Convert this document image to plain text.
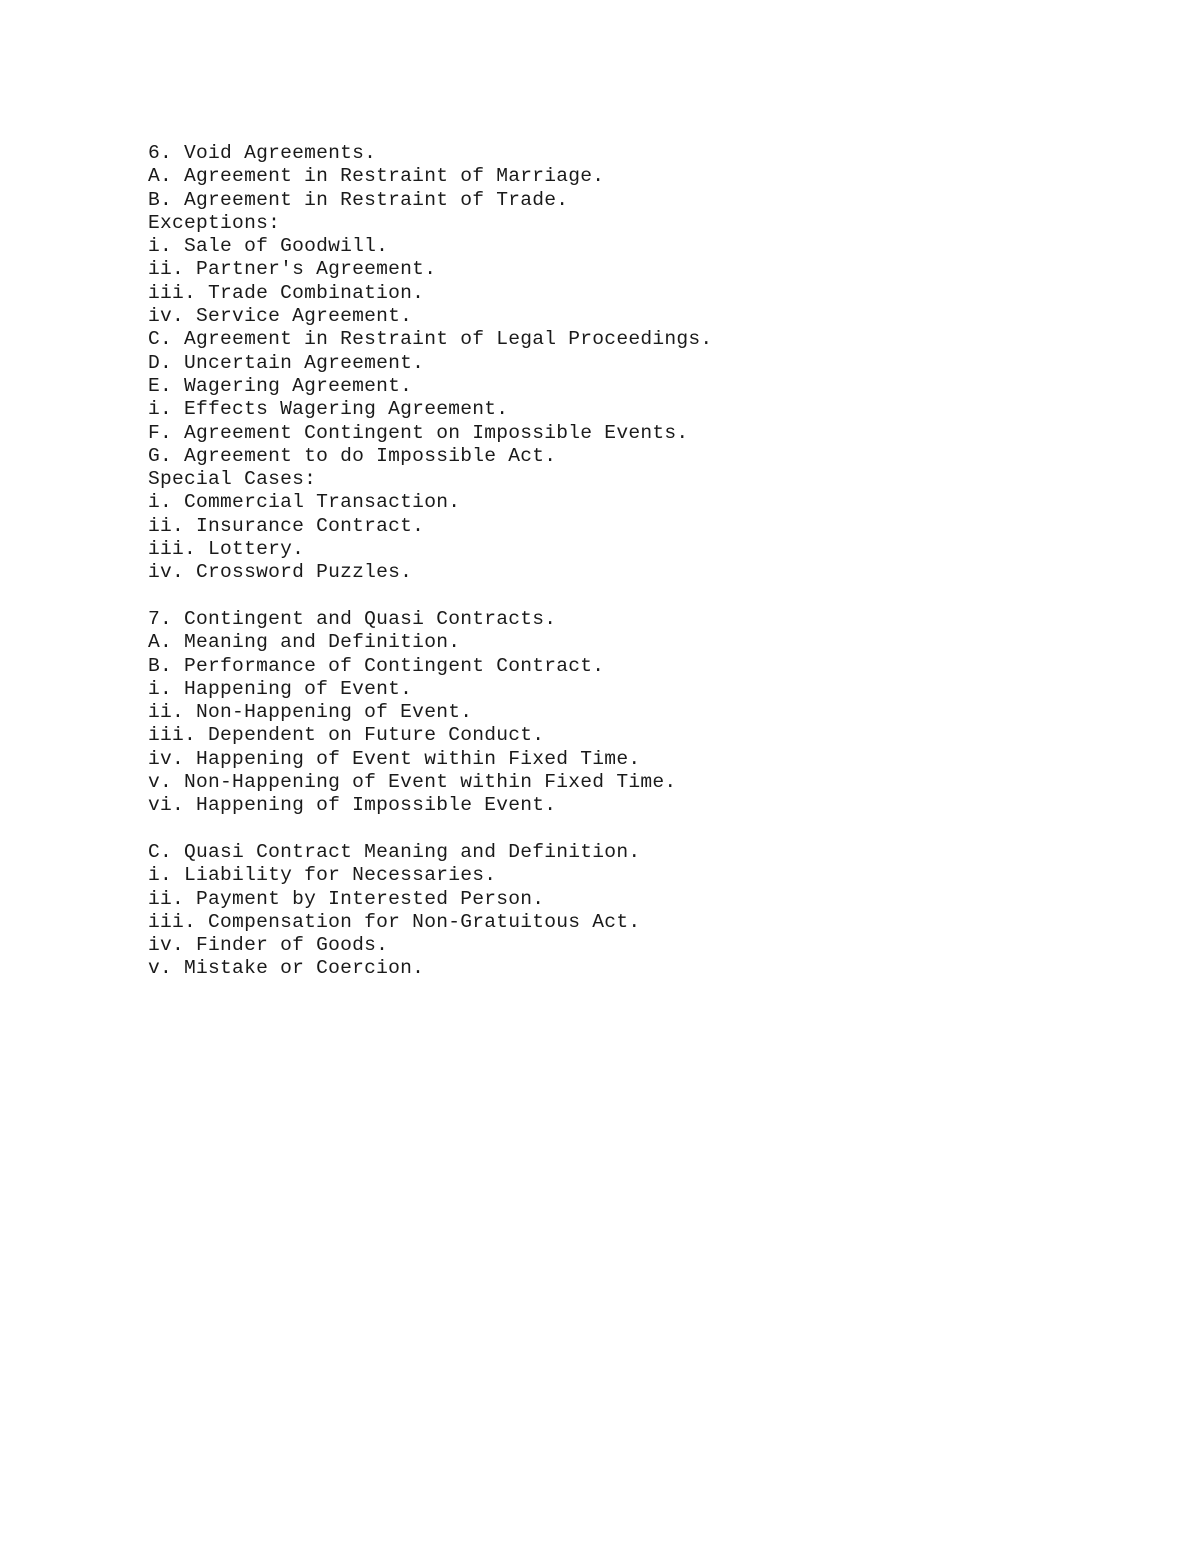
6. Void Agreements.
A. Agreement in Restraint of Marriage.
B. Agreement in Restraint of Trade.
Exceptions:
i. Sale of Goodwill.
ii. Partner's Agreement.
iii. Trade Combination.
iv. Service Agreement.
C. Agreement in Restraint of Legal Proceedings.
D. Uncertain Agreement.
E. Wagering Agreement.
i. Effects Wagering Agreement.
F. Agreement Contingent on Impossible Events.
G. Agreement to do Impossible Act.
Special Cases:
i. Commercial Transaction.
ii. Insurance Contract.
iii. Lottery.
iv. Crossword Puzzles.
7. Contingent and Quasi Contracts.
A. Meaning and Definition.
B. Performance of Contingent Contract.
i. Happening of Event.
ii. Non-Happening of Event.
iii. Dependent on Future Conduct.
iv. Happening of Event within Fixed Time.
v. Non-Happening of Event within Fixed Time.
vi. Happening of Impossible Event.
C. Quasi Contract Meaning and Definition.
i. Liability for Necessaries.
ii. Payment by Interested Person.
iii. Compensation for Non-Gratuitous Act.
iv. Finder of Goods.
v. Mistake or Coercion.
